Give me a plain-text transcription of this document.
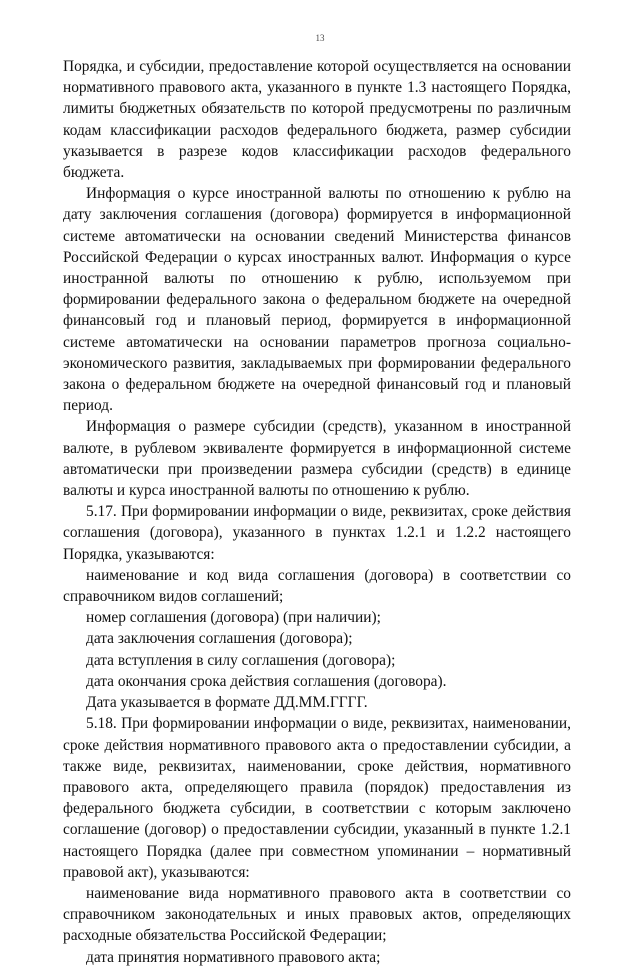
13

Порядка, и субсидии, предоставление которой осуществляется на основании нормативного правового акта, указанного в пункте 1.3 настоящего Порядка, лимиты бюджетных обязательств по которой предусмотрены по различным кодам классификации расходов федерального бюджета, размер субсидии указывается в разрезе кодов классификации расходов федерального бюджета.

Информация о курсе иностранной валюты по отношению к рублю на дату заключения соглашения (договора) формируется в информационной системе автоматически на основании сведений Министерства финансов Российской Федерации о курсах иностранных валют. Информация о курсе иностранной валюты по отношению к рублю, используемом при формировании федерального закона о федеральном бюджете на очередной финансовый год и плановый период, формируется в информационной системе автоматически на основании параметров прогноза социально-экономического развития, закладываемых при формировании федерального закона о федеральном бюджете на очередной финансовый год и плановый период.

Информация о размере субсидии (средств), указанном в иностранной валюте, в рублевом эквиваленте формируется в информационной системе автоматически при произведении размера субсидии (средств) в единице валюты и курса иностранной валюты по отношению к рублю.

5.17. При формировании информации о виде, реквизитах, сроке действия соглашения (договора), указанного в пунктах 1.2.1 и 1.2.2 настоящего Порядка, указываются:

наименование и код вида соглашения (договора) в соответствии со справочником видов соглашений;

номер соглашения (договора) (при наличии);

дата заключения соглашения (договора);

дата вступления в силу соглашения (договора);

дата окончания срока действия соглашения (договора).

Дата указывается в формате ДД.ММ.ГГГГ.

5.18. При формировании информации о виде, реквизитах, наименовании, сроке действия нормативного правового акта о предоставлении субсидии, а также виде, реквизитах, наименовании, сроке действия, нормативного правового акта, определяющего правила (порядок) предоставления из федерального бюджета субсидии, в соответствии с которым заключено соглашение (договор) о предоставлении субсидии, указанный в пункте 1.2.1 настоящего Порядка (далее при совместном упоминании – нормативный правовой акт), указываются:

наименование вида нормативного правового акта в соответствии со справочником законодательных и иных правовых актов, определяющих расходные обязательства Российской Федерации;

дата принятия нормативного правового акта;
